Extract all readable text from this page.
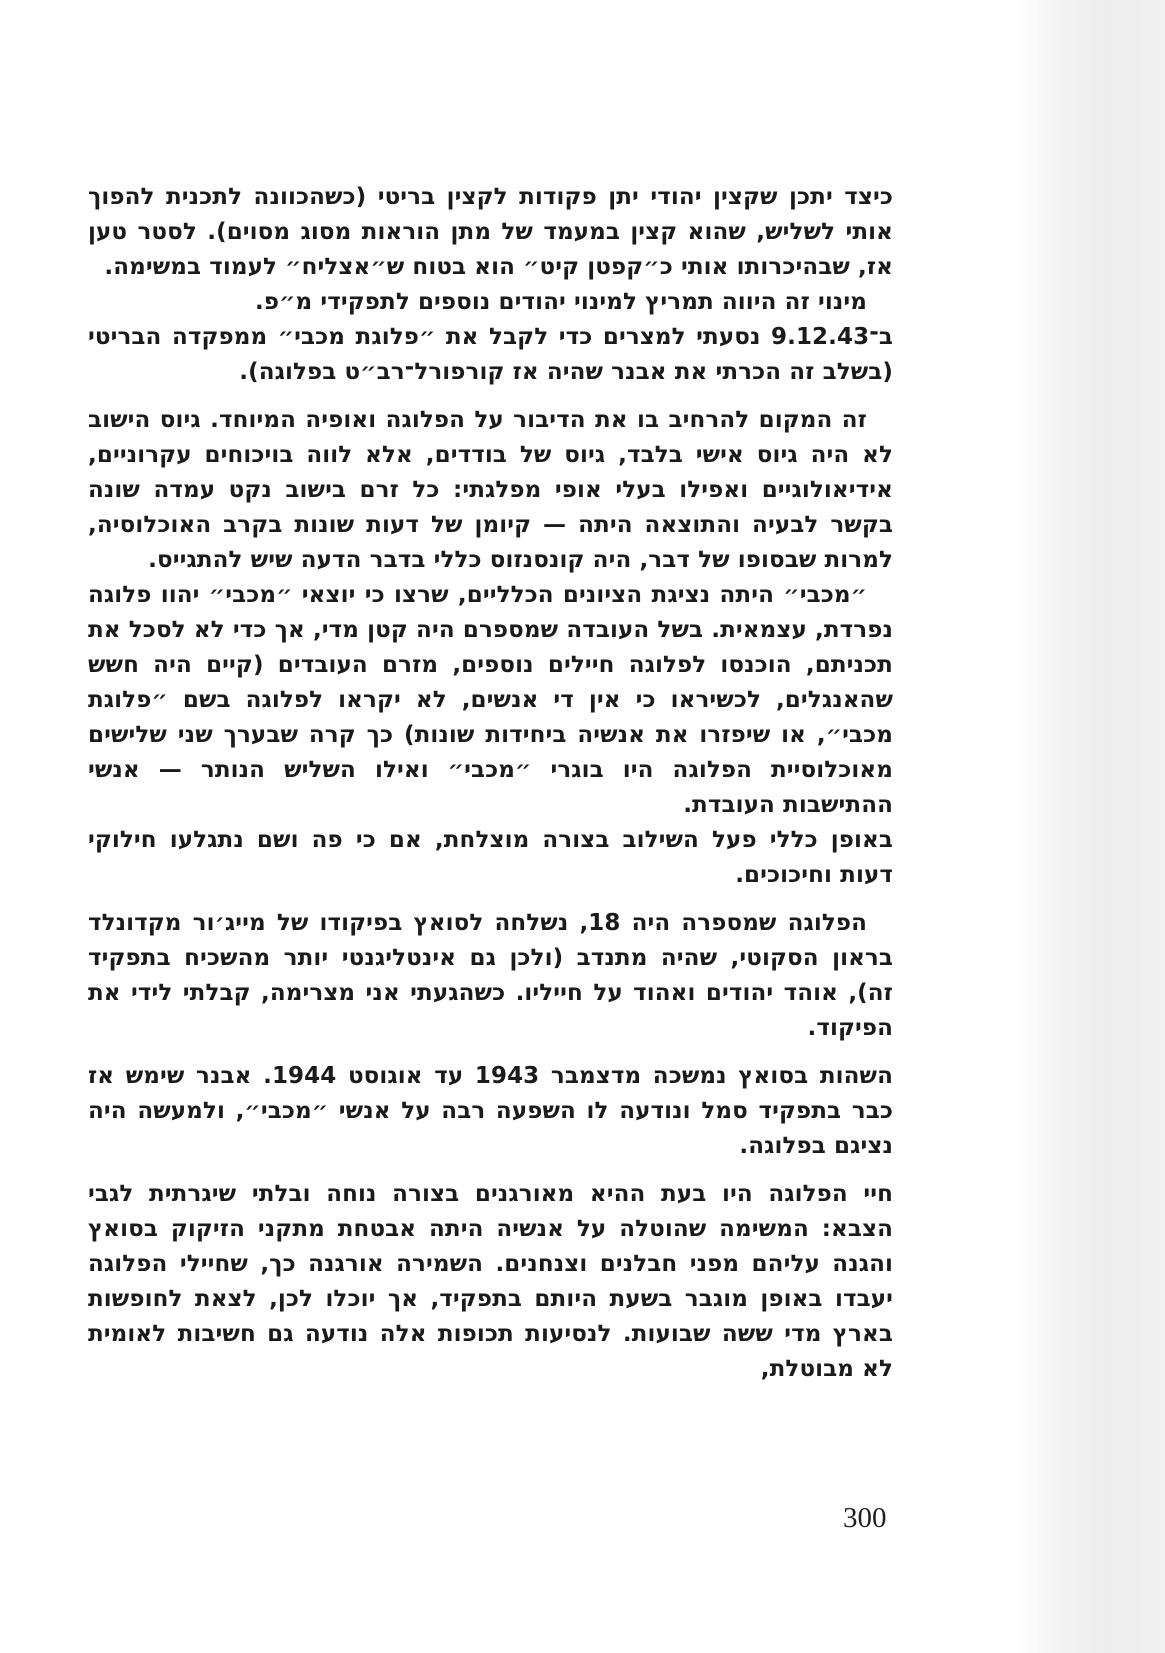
כיצד יתכן שקצין יהודי יתן פקודות לקצין בריטי (כשהכוונה לתכנית להפוך אותי לשליש, שהוא קצין במעמד של מתן הוראות מסוג מסוים). לסטר טען אז, שבהיכרותו אותי כ״קפטן קיט״ הוא בטוח ש״אצליח״ לעמוד במשימה.

מינוי זה היווה תמריץ למינוי יהודים נוספים לתפקידי מ״פ.

ב־9.12.43 נסעתי למצרים כדי לקבל את ״פלוגת מכבי״ ממפקדה הבריטי (בשלב זה הכרתי את אבנר שהיה אז קורפורל־רב״ט בפלוגה).

זה המקום להרחיב בו את הדיבור על הפלוגה ואופיה המיוחד. גיוס הישוב לא היה גיוס אישי בלבד, גיוס של בודדים, אלא לווה בויכוחים עקרוניים, אידיאולוגיים ואפילו בעלי אופי מפלגתי: כל זרם בישוב נקט עמדה שונה בקשר לבעיה והתוצאה היתה — קיומן של דעות שונות בקרב האוכלוסיה, למרות שבסופו של דבר, היה קונסנזוס כללי בדבר הדעה שיש להתגייס.

״מכבי״ היתה נציגת הציונים הכלליים, שרצו כי יוצאי ״מכבי״ יהוו פלוגה נפרדת, עצמאית. בשל העובדה שמספרם היה קטן מדי, אך כדי לא לסכל את תכניתם, הוכנסו לפלוגה חיילים נוספים, מזרם העובדים (קיים היה חשש שהאנגלים, לכשיראו כי אין די אנשים, לא יקראו לפלוגה בשם ״פלוגת מכבי״, או שיפזרו את אנשיה ביחידות שונות) כך קרה שבערך שני שלישים מאוכלוסיית הפלוגה היו בוגרי ״מכבי״ ואילו השליש הנותר — אנשי ההתישבות העובדת.

באופן כללי פעל השילוב בצורה מוצלחת, אם כי פה ושם נתגלעו חילוקי דעות וחיכוכים.

הפלוגה שמספרה היה 18, נשלחה לסואץ בפיקודו של מייג׳ור מקדונלד בראון הסקוטי, שהיה מתנדב (ולכן גם אינטליגנטי יותר מהשכיח בתפקיד זה), אוהד יהודים ואהוד על חייליו. כשהגעתי אני מצרימה, קבלתי לידי את הפיקוד.

השהות בסואץ נמשכה מדצמבר 1943 עד אוגוסט 1944. אבנר שימש אז כבר בתפקיד סמל ונודעה לו השפעה רבה על אנשי ״מכבי״, ולמעשה היה נציגם בפלוגה.

חיי הפלוגה היו בעת ההיא מאורגנים בצורה נוחה ובלתי שיגרתית לגבי הצבא: המשימה שהוטלה על אנשיה היתה אבטחת מתקני הזיקוק בסואץ והגנה עליהם מפני חבלנים וצנחנים. השמירה אורגנה כך, שחיילי הפלוגה יעבדו באופן מוגבר בשעת היותם בתפקיד, אך יוכלו לכן, לצאת לחופשות בארץ מדי ששה שבועות. לנסיעות תכופות אלה נודעה גם חשיבות לאומית לא מבוטלת,

300
